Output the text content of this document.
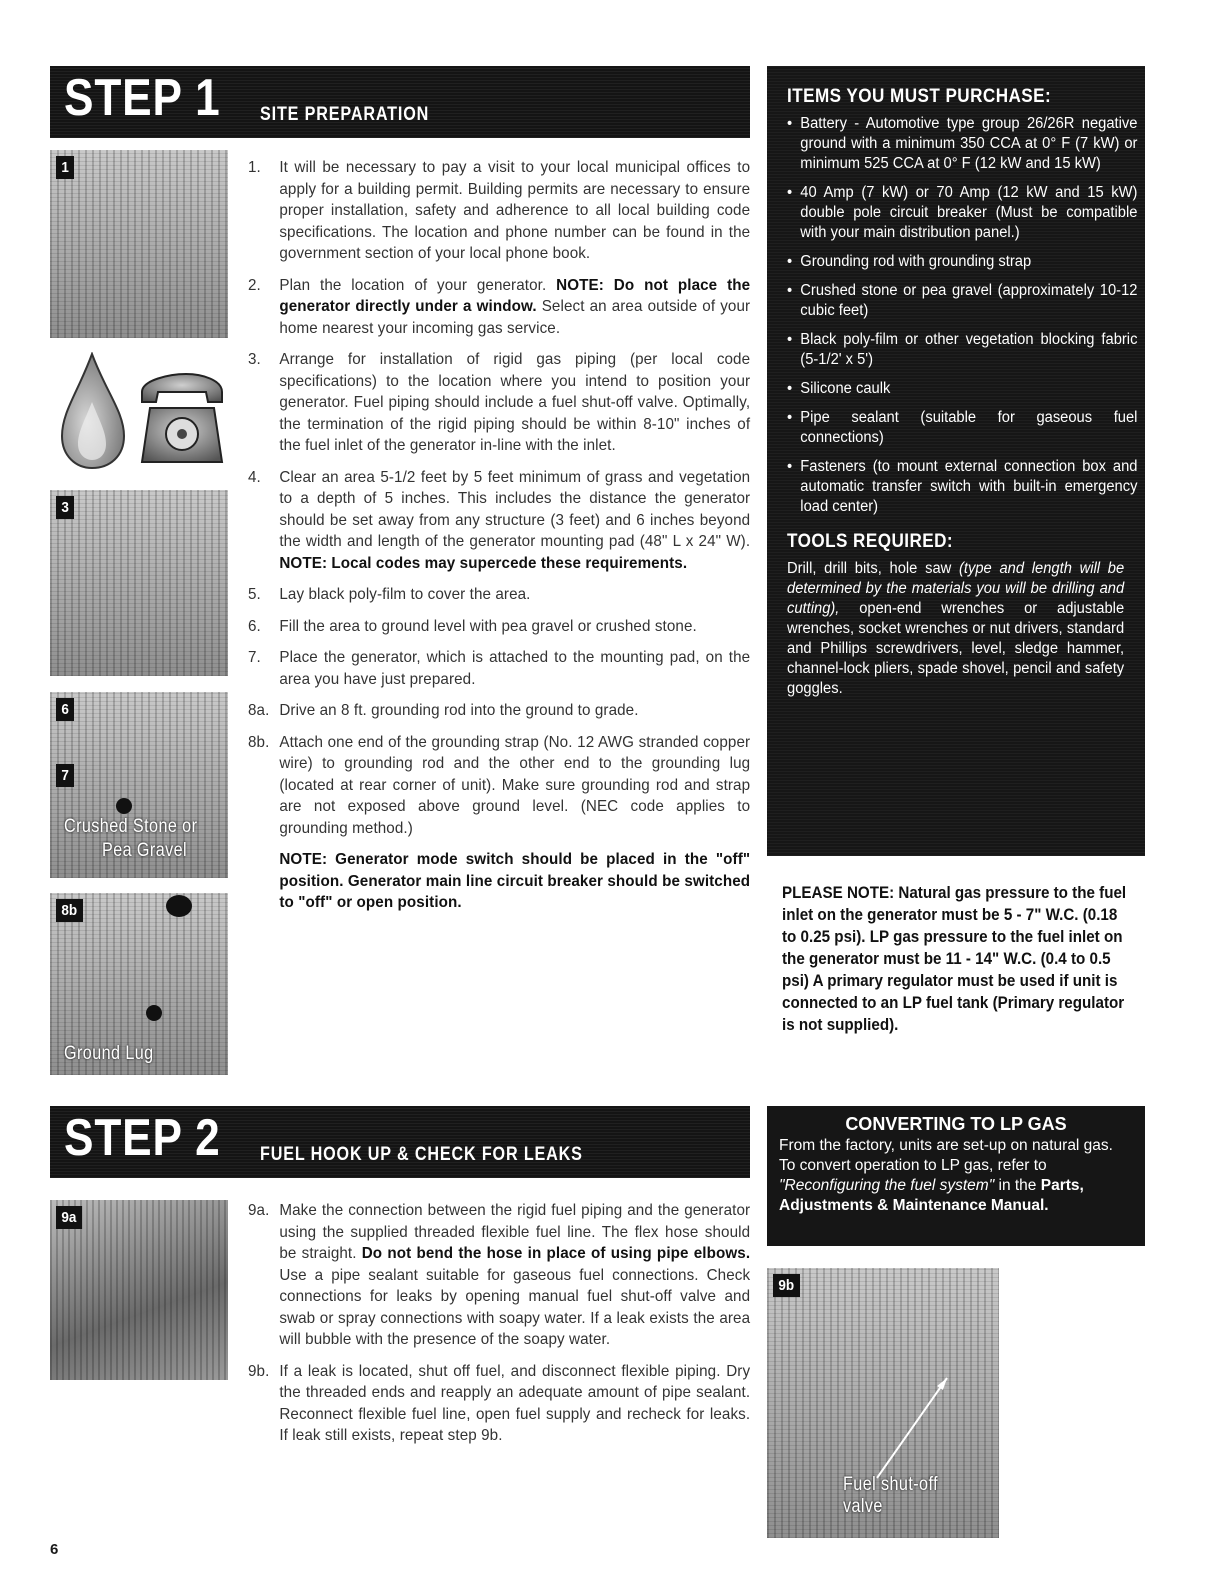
STEP 1 SITE PREPARATION
1
3
6
7
Crushed Stone or
Pea Gravel
8b
Ground Lug

1. It will be necessary to pay a visit to your local municipal offices to apply for a building permit. Building permits are necessary to ensure proper installation, safety and adherence to all local building code specifications. The location and phone number can be found in the government section of your local phone book.

2. Plan the location of your generator. NOTE: Do not place the generator directly under a window. Select an area outside of your home nearest your incoming gas service.

3. Arrange for installation of rigid gas piping (per local code specifications) to the location where you intend to position your generator. Fuel piping should include a fuel shut-off valve. Optimally, the termination of the rigid piping should be within 8-10" inches of the fuel inlet of the generator in-line with the inlet.

4. Clear an area 5-1/2 feet by 5 feet minimum of grass and vegetation to a depth of 5 inches. This includes the distance the generator should be set away from any structure (3 feet) and 6 inches beyond the width and length of the generator mounting pad (48" L x 24" W). NOTE: Local codes may supercede these requirements.

5. Lay black poly-film to cover the area.

6. Fill the area to ground level with pea gravel or crushed stone.

7. Place the generator, which is attached to the mounting pad, on the area you have just prepared.

8a. Drive an 8 ft. grounding rod into the ground to grade.

8b. Attach one end of the grounding strap (No. 12 AWG stranded copper wire) to grounding rod and the other end to the grounding lug (located at rear corner of unit). Make sure grounding rod and strap are not exposed above ground level. (NEC code applies to grounding method.)

NOTE: Generator mode switch should be placed in the "off" position. Generator main line circuit breaker should be switched to "off" or open position.

ITEMS YOU MUST PURCHASE:
• Battery - Automotive type group 26/26R negative ground with a minimum 350 CCA at 0° F (7 kW) or minimum 525 CCA at 0° F (12 kW and 15 kW)
• 40 Amp (7 kW) or 70 Amp (12 kW and 15 kW) double pole circuit breaker (Must be compatible with your main distribution panel.)
• Grounding rod with grounding strap
• Crushed stone or pea gravel (approximately 10-12 cubic feet)
• Black poly-film or other vegetation blocking fabric (5-1/2' x 5')
• Silicone caulk
• Pipe sealant (suitable for gaseous fuel connections)
• Fasteners (to mount external connection box and automatic transfer switch with built-in emergency load center)
TOOLS REQUIRED:
Drill, drill bits, hole saw (type and length will be determined by the materials you will be drilling and cutting), open-end wrenches or adjustable wrenches, socket wrenches or nut drivers, standard and Phillips screwdrivers, level, sledge hammer, channel-lock pliers, spade shovel, pencil and safety goggles.
PLEASE NOTE: Natural gas pressure to the fuel inlet on the generator must be 5 - 7" W.C. (0.18 to 0.25 psi). LP gas pressure to the fuel inlet on the generator must be 11 - 14" W.C. (0.4 to 0.5 psi) A primary regulator must be used if unit is connected to an LP fuel tank (Primary regulator is not supplied).
STEP 2 FUEL HOOK UP & CHECK FOR LEAKS
CONVERTING TO LP GAS
From the factory, units are set-up on natural gas.
To convert operation to LP gas, refer to
"Reconfiguring the fuel system" in the Parts, Adjustments & Maintenance Manual.
9a
9b
Fuel shut-off valve

9a. Make the connection between the rigid fuel piping and the generator using the supplied threaded flexible fuel line. The flex hose should be straight. Do not bend the hose in place of using pipe elbows. Use a pipe sealant suitable for gaseous fuel connections. Check connections for leaks by opening manual fuel shut-off valve and swab or spray connections with soapy water. If a leak exists the area will bubble with the presence of the soapy water.

9b. If a leak is located, shut off fuel, and disconnect flexible piping. Dry the threaded ends and reapply an adequate amount of pipe sealant. Reconnect flexible fuel line, open fuel supply and recheck for leaks. If leak still exists, repeat step 9b.

6
